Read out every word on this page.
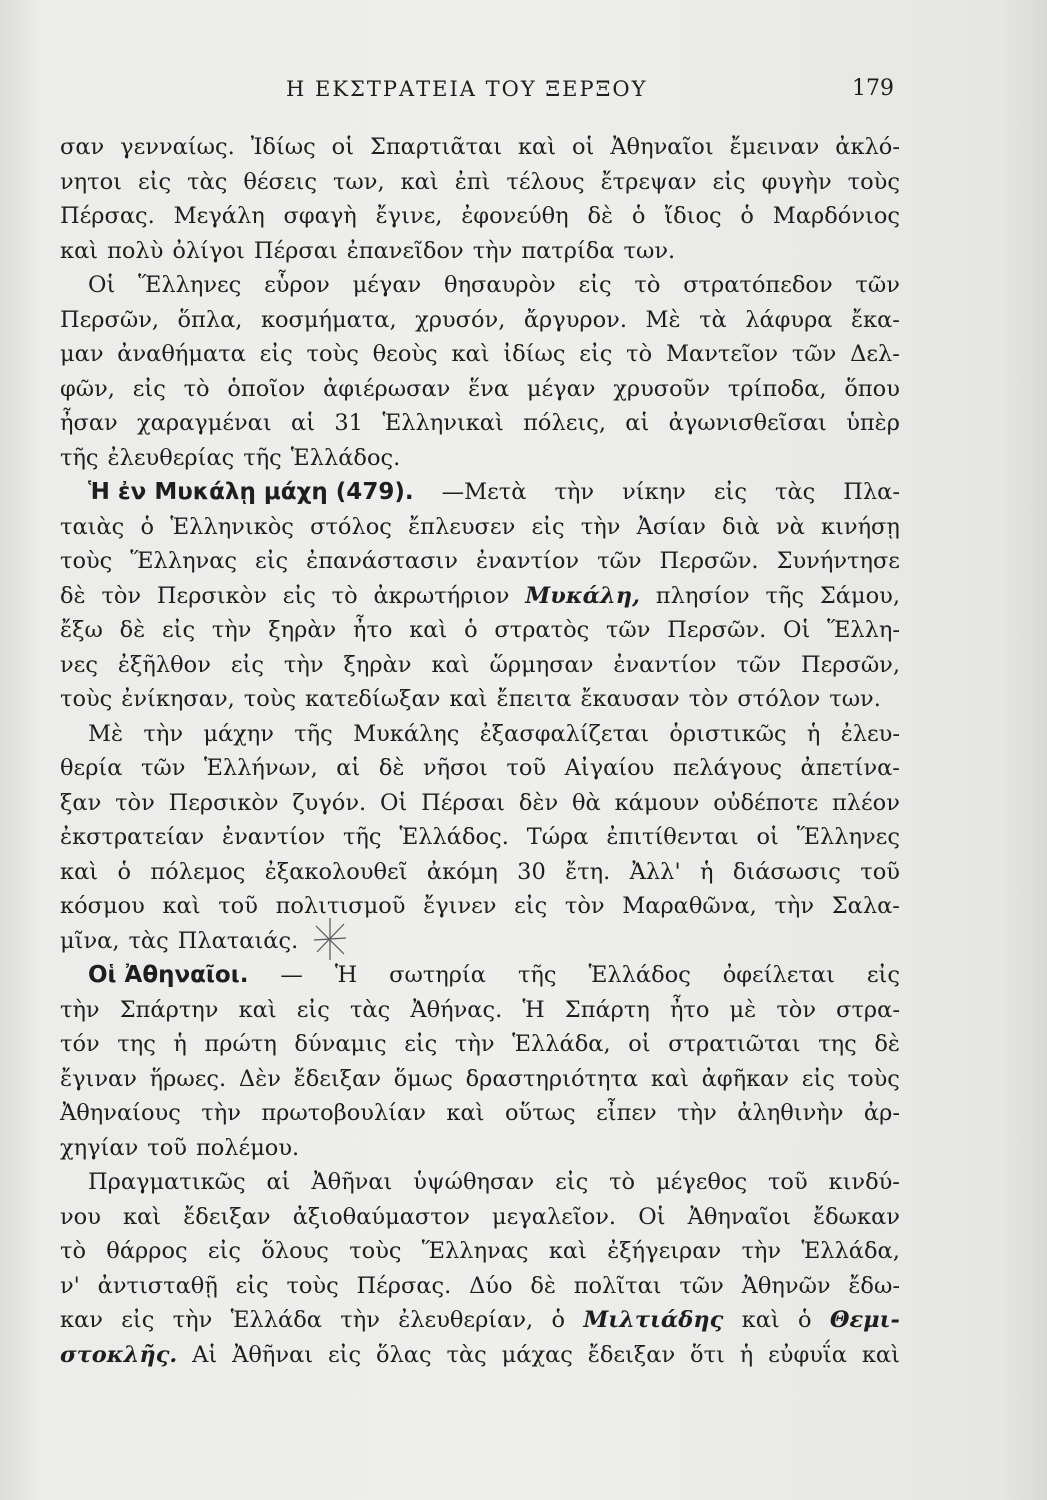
Η ΕΚΣΤΡΑΤΕΙΑ ΤΟΥ ΞΕΡΞΟΥ	179
σαν γενναίως. Ἰδίως οἱ Σπαρτιᾶται καὶ οἱ Ἀθηναῖοι ἔμειναν ἀκλό-
νητοι εἰς τὰς θέσεις των, καὶ ἐπὶ τέλους ἔτρεψαν εἰς φυγὴν τοὺς
Πέρσας. Μεγάλη σφαγὴ ἔγινε, ἐφονεύθη δὲ ὁ ἴδιος ὁ Μαρδόνιος
καὶ πολὺ ὀλίγοι Πέρσαι ἐπανεῖδον τὴν πατρίδα των.
Οἱ Ἕλληνες εὗρον μέγαν θησαυρὸν εἰς τὸ στρατόπεδον τῶν
Περσῶν, ὅπλα, κοσμήματα, χρυσόν, ἄργυρον. Μὲ τὰ λάφυρα ἔκα-
μαν ἀναθήματα εἰς τοὺς θεοὺς καὶ ἰδίως εἰς τὸ Μαντεῖον τῶν Δελ-
φῶν, εἰς τὸ ὁποῖον ἀφιέρωσαν ἕνα μέγαν χρυσοῦν τρίποδα, ὅπου
ἦσαν χαραγμέναι αἱ 31 Ἑλληνικαὶ πόλεις, αἱ ἀγωνισθεῖσαι ὑπὲρ
τῆς ἐλευθερίας τῆς Ἑλλάδος.
Ἡ ἐν Μυκάλῃ μάχη (479). —Μετὰ τὴν νίκην εἰς τὰς Πλα-
ταιὰς ὁ Ἑλληνικὸς στόλος ἔπλευσεν εἰς τὴν Ἀσίαν διὰ νὰ κινήσῃ
τοὺς Ἕλληνας εἰς ἐπανάστασιν ἐναντίον τῶν Περσῶν. Συνήντησε
δὲ τὸν Περσικὸν εἰς τὸ ἀκρωτήριον Μυκάλη, πλησίον τῆς Σάμου,
ἔξω δὲ εἰς τὴν ξηρὰν ἦτο καὶ ὁ στρατὸς τῶν Περσῶν. Οἱ Ἕλλη-
νες ἐξῆλθον εἰς τὴν ξηρὰν καὶ ὥρμησαν ἐναντίον τῶν Περσῶν,
τοὺς ἐνίκησαν, τοὺς κατεδίωξαν καὶ ἔπειτα ἔκαυσαν τὸν στόλον των.
Μὲ τὴν μάχην τῆς Μυκάλης ἐξασφαλίζεται ὁριστικῶς ἡ ἐλευ-
θερία τῶν Ἑλλήνων, αἱ δὲ νῆσοι τοῦ Αἰγαίου πελάγους ἀπετίνα-
ξαν τὸν Περσικὸν ζυγόν. Οἱ Πέρσαι δὲν θὰ κάμουν οὐδέποτε πλέον
ἐκστρατείαν ἐναντίον τῆς Ἑλλάδος. Τώρα ἐπιτίθενται οἱ Ἕλληνες
καὶ ὁ πόλεμος ἐξακολουθεῖ ἀκόμη 30 ἔτη. Ἀλλ' ἡ διάσωσις τοῦ
κόσμου καὶ τοῦ πολιτισμοῦ ἔγινεν εἰς τὸν Μαραθῶνα, τὴν Σαλα-
μῖνα, τὰς Πλαταιάς.
Οἱ Ἀθηναῖοι. — Ἡ σωτηρία τῆς Ἑλλάδος ὀφείλεται εἰς
τὴν Σπάρτην καὶ εἰς τὰς Ἀθήνας. Ἡ Σπάρτη ἦτο μὲ τὸν στρα-
τόν της ἡ πρώτη δύναμις εἰς τὴν Ἑλλάδα, οἱ στρατιῶται της δὲ
ἔγιναν ἥρωες. Δὲν ἔδειξαν ὅμως δραστηριότητα καὶ ἀφῆκαν εἰς τοὺς
Ἀθηναίους τὴν πρωτοβουλίαν καὶ οὕτως εἶπεν τὴν ἀληθινὴν ἀρ-
χηγίαν τοῦ πολέμου.
Πραγματικῶς αἱ Ἀθῆναι ὑψώθησαν εἰς τὸ μέγεθος τοῦ κινδύ-
νου καὶ ἔδειξαν ἀξιοθαύμαστον μεγαλεῖον. Οἱ Ἀθηναῖοι ἔδωκαν
τὸ θάρρος εἰς ὅλους τοὺς Ἕλληνας καὶ ἐξήγειραν τὴν Ἑλλάδα,
ν' ἀντισταθῇ εἰς τοὺς Πέρσας. Δύο δὲ πολῖται τῶν Ἀθηνῶν ἔδω-
καν εἰς τὴν Ἑλλάδα τὴν ἐλευθερίαν, ὁ Μιλτιάδης καὶ ὁ Θεμι-
στοκλῆς. Αἱ Ἀθῆναι εἰς ὅλας τὰς μάχας ἔδειξαν ὅτι ἡ εὐφυΐα καὶ
